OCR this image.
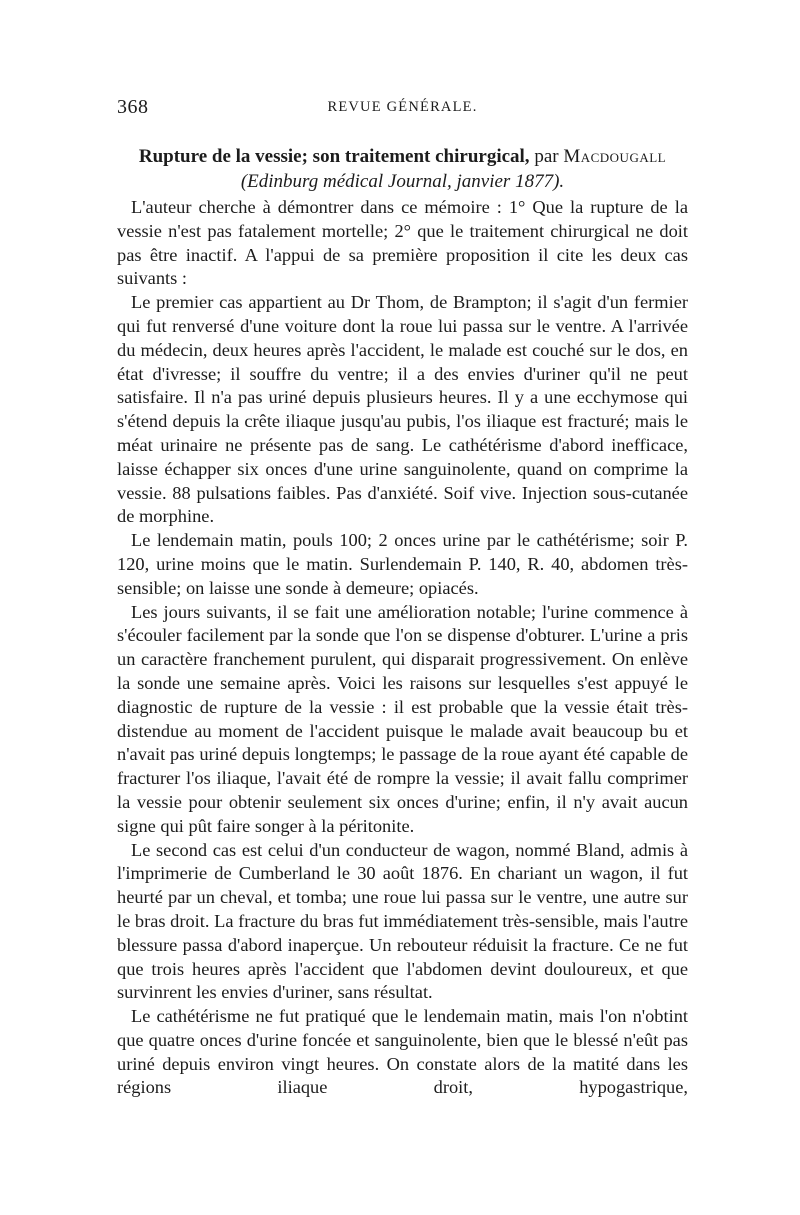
368	REVUE GÉNÉRALE.
Rupture de la vessie; son traitement chirurgical, par Macdougall
(Edinburg médical Journal, janvier 1877).

L'auteur cherche à démontrer dans ce mémoire : 1° Que la rupture de la vessie n'est pas fatalement mortelle; 2° que le traitement chirurgical ne doit pas être inactif. A l'appui de sa première proposition il cite les deux cas suivants :

Le premier cas appartient au Dr Thom, de Brampton; il s'agit d'un fermier qui fut renversé d'une voiture dont la roue lui passa sur le ventre. A l'arrivée du médecin, deux heures après l'accident, le malade est couché sur le dos, en état d'ivresse; il souffre du ventre; il a des envies d'uriner qu'il ne peut satisfaire. Il n'a pas uriné depuis plusieurs heures. Il y a une ecchymose qui s'étend depuis la crête iliaque jusqu'au pubis, l'os iliaque est fracturé; mais le méat urinaire ne présente pas de sang. Le cathétérisme d'abord inefficace, laisse échapper six onces d'une urine sanguinolente, quand on comprime la vessie. 88 pulsations faibles. Pas d'anxiété. Soif vive. Injection sous-cutanée de morphine.

Le lendemain matin, pouls 100; 2 onces urine par le cathétérisme; soir P. 120, urine moins que le matin. Surlendemain P. 140, R. 40, abdomen très-sensible; on laisse une sonde à demeure; opiacés.

Les jours suivants, il se fait une amélioration notable; l'urine commence à s'écouler facilement par la sonde que l'on se dispense d'obturer. L'urine a pris un caractère franchement purulent, qui disparait progressivement. On enlève la sonde une semaine après. Voici les raisons sur lesquelles s'est appuyé le diagnostic de rupture de la vessie : il est probable que la vessie était très-distendue au moment de l'accident puisque le malade avait beaucoup bu et n'avait pas uriné depuis longtemps; le passage de la roue ayant été capable de fracturer l'os iliaque, l'avait été de rompre la vessie; il avait fallu comprimer la vessie pour obtenir seulement six onces d'urine; enfin, il n'y avait aucun signe qui pût faire songer à la péritonite.

Le second cas est celui d'un conducteur de wagon, nommé Bland, admis à l'imprimerie de Cumberland le 30 août 1876. En chariant un wagon, il fut heurté par un cheval, et tomba; une roue lui passa sur le ventre, une autre sur le bras droit. La fracture du bras fut immédiatement très-sensible, mais l'autre blessure passa d'abord inaperçue. Un rebouteur réduisit la fracture. Ce ne fut que trois heures après l'accident que l'abdomen devint douloureux, et que survinrent les envies d'uriner, sans résultat.

Le cathétérisme ne fut pratiqué que le lendemain matin, mais l'on n'obtint que quatre onces d'urine foncée et sanguinolente, bien que le blessé n'eût pas uriné depuis environ vingt heures. On constate alors de la matité dans les régions iliaque droit, hypogastrique,
